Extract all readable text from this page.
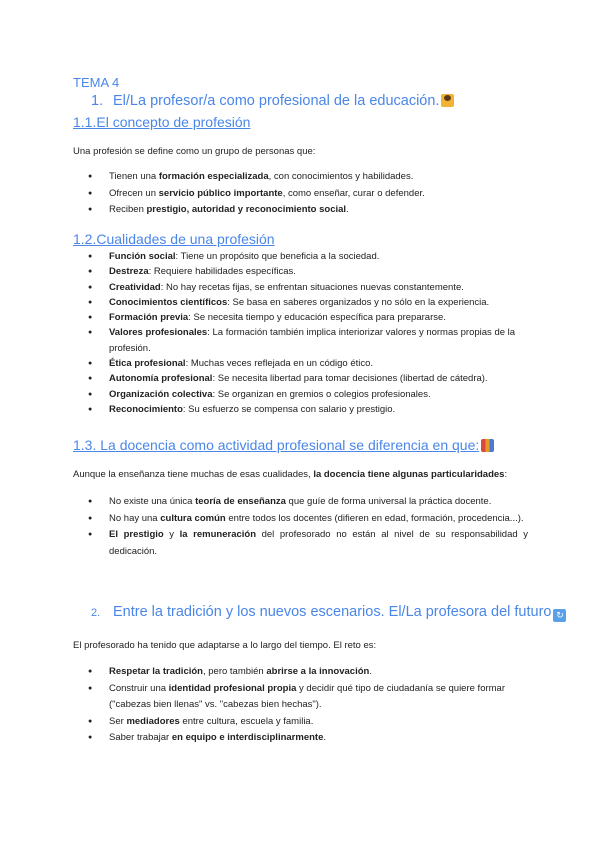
TEMA 4
1. El/La profesor/a como profesional de la educación.
1.1.El concepto de profesión
Una profesión se define como un grupo de personas que:
● Tienen una formación especializada, con conocimientos y habilidades.
● Ofrecen un servicio público importante, como enseñar, curar o defender.
● Reciben prestigio, autoridad y reconocimiento social.
1.2.Cualidades de una profesión
● Función social: Tiene un propósito que beneficia a la sociedad.
● Destreza: Requiere habilidades específicas.
● Creatividad: No hay recetas fijas, se enfrentan situaciones nuevas constantemente.
● Conocimientos científicos: Se basa en saberes organizados y no sólo en la experiencia.
● Formación previa: Se necesita tiempo y educación específica para prepararse.
● Valores profesionales: La formación también implica interiorizar valores y normas propias de la profesión.
● Ética profesional: Muchas veces reflejada en un código ético.
● Autonomía profesional: Se necesita libertad para tomar decisiones (libertad de cátedra).
● Organización colectiva: Se organizan en gremios o colegios profesionales.
● Reconocimiento: Su esfuerzo se compensa con salario y prestigio.
1.3. La docencia como actividad profesional se diferencia en que:
Aunque la enseñanza tiene muchas de esas cualidades, la docencia tiene algunas particularidades:
● No existe una única teoría de enseñanza que guíe de forma universal la práctica docente.
● No hay una cultura común entre todos los docentes (difieren en edad, formación, procedencia...).
● El prestigio y la remuneración del profesorado no están al nivel de su responsabilidad y dedicación.
2. Entre la tradición y los nuevos escenarios. El/La profesora del futuro ↻
El profesorado ha tenido que adaptarse a lo largo del tiempo. El reto es:
● Respetar la tradición, pero también abrirse a la innovación.
● Construir una identidad profesional propia y decidir qué tipo de ciudadanía se quiere formar ("cabezas bien llenas" vs. "cabezas bien hechas").
● Ser mediadores entre cultura, escuela y familia.
● Saber trabajar en equipo e interdisciplinarmente.
